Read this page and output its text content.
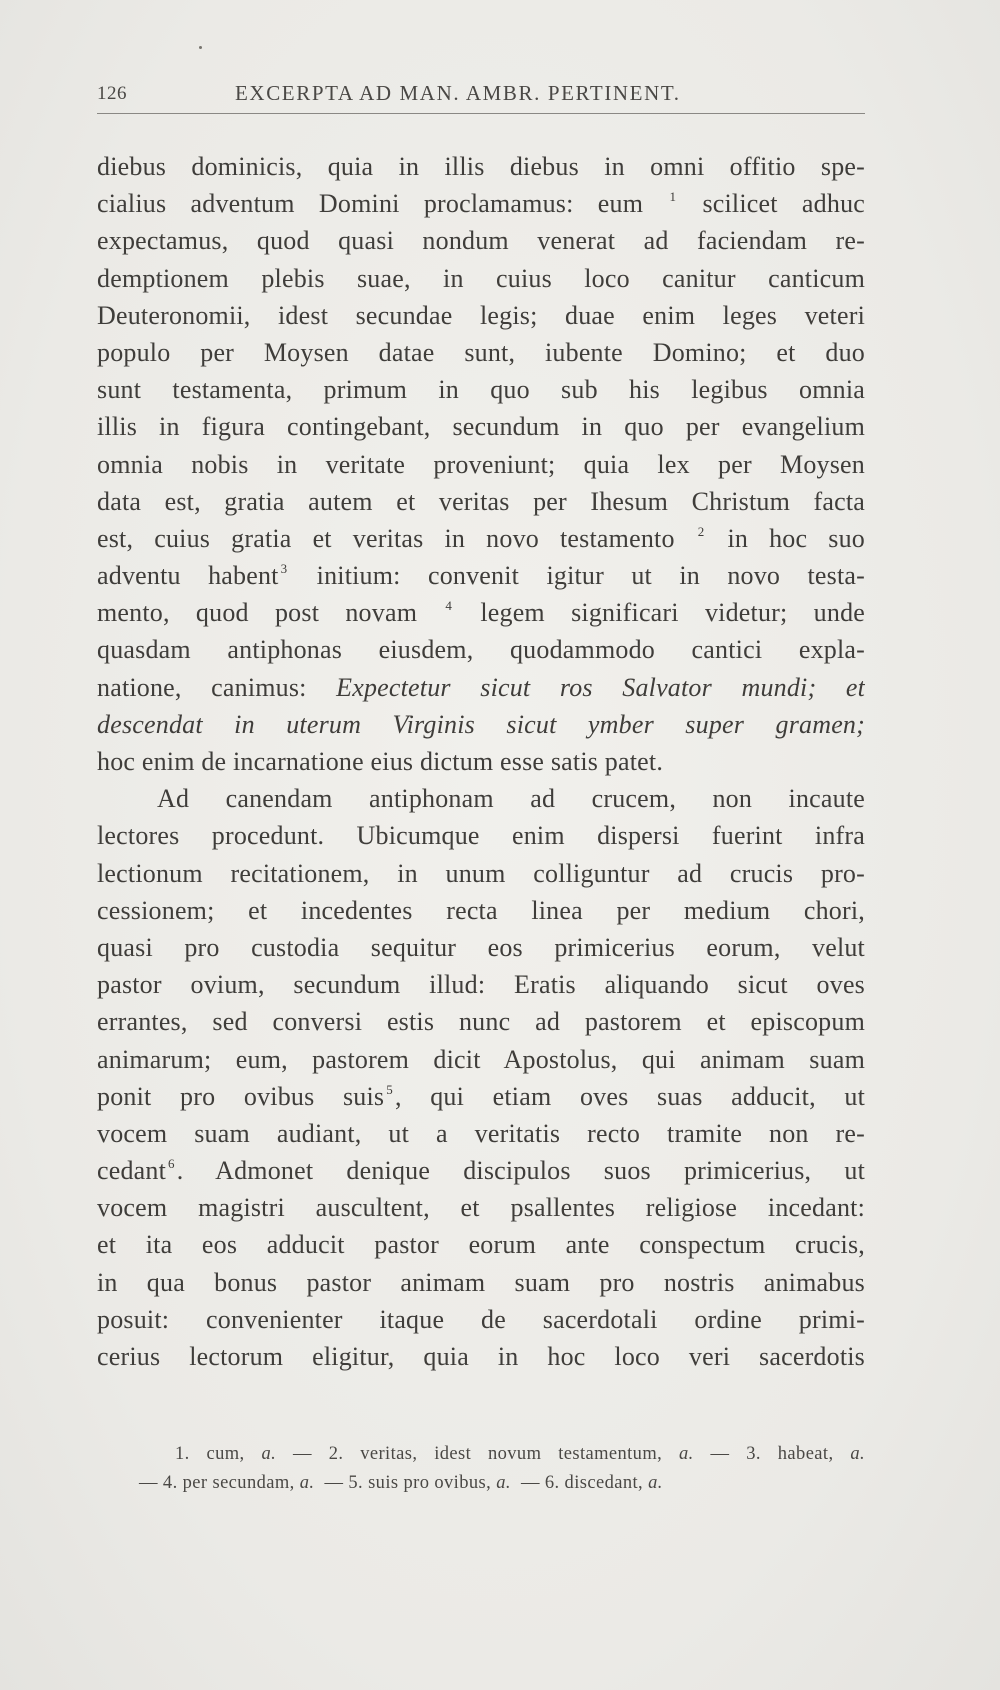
126	EXCERPTA AD MAN. AMBR. PERTINENT.
diebus dominicis, quia in illis diebus in omni offitio spe-
cialius adventum Domini proclamamus: eum $^1$ scilicet adhuc
expectamus, quod quasi nondum venerat ad faciendam re-
demptionem plebis suae, in cuius loco canitur canticum
Deuteronomii, idest secundae legis; duae enim leges veteri
populo per Moysen datae sunt, iubente Domino; et duo
sunt testamenta, primum in quo sub his legibus omnia
illis in figura contingebant, secundum in quo per evangelium
omnia nobis in veritate proveniunt; quia lex per Moysen
data est, gratia autem et veritas per Ihesum Christum facta
est, cuius gratia et veritas in novo testamento $^2$ in hoc suo
adventu habent $^3$ initium: convenit igitur ut in novo testa-
mento, quod post novam $^4$ legem significari videtur; unde
quasdam antiphonas eiusdem, quodammodo cantici expla-
natione, canimus: Expectetur sicut ros Salvator mundi; et
descendat in uterum Virginis sicut ymber super gramen;
hoc enim de incarnatione eius dictum esse satis patet.
Ad canendam antiphonam ad crucem, non incaute
lectores procedunt. Ubicumque enim dispersi fuerint infra
lectionum recitationem, in unum colliguntur ad crucis pro-
cessionem; et incedentes recta linea per medium chori,
quasi pro custodia sequitur eos primicerius eorum, velut
pastor ovium, secundum illud: Eratis aliquando sicut oves
errantes, sed conversi estis nunc ad pastorem et episcopum
animarum; eum, pastorem dicit Apostolus, qui animam suam
ponit pro ovibus suis $^5$, qui etiam oves suas adducit, ut
vocem suam audiant, ut a veritatis recto tramite non re-
cedant $^6$. Admonet denique discipulos suos primicerius, ut
vocem magistri auscultent, et psallentes religiose incedant:
et ita eos adducit pastor eorum ante conspectum crucis,
in qua bonus pastor animam suam pro nostris animabus
posuit: convenienter itaque de sacerdotali ordine primi-
cerius lectorum eligitur, quia in hoc loco veri sacerdotis
1. cum, a. — 2. veritas, idest novum testamentum, a. — 3. habeat, a.
— 4. per secundam, a. — 5. suis pro ovibus, a. — 6. discedant, a.
